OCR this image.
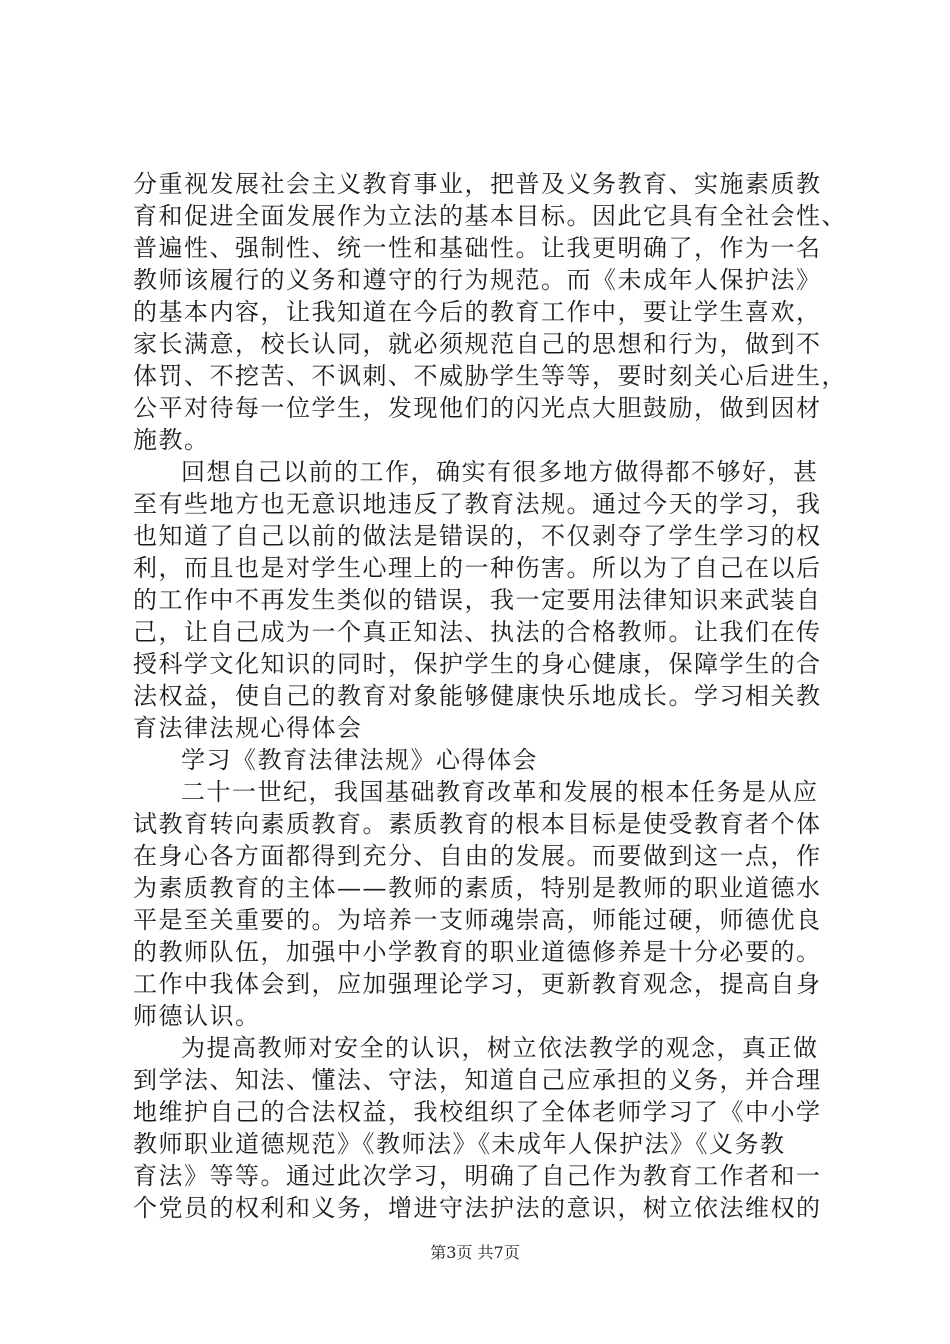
分重视发展社会主义教育事业，把普及义务教育、实施素质教
育和促进全面发展作为立法的基本目标。因此它具有全社会性、
普遍性、强制性、统一性和基础性。让我更明确了，作为一名
教师该履行的义务和遵守的行为规范。而《未成年人保护法》
的基本内容，让我知道在今后的教育工作中，要让学生喜欢，
家长满意，校长认同，就必须规范自己的思想和行为，做到不
体罚、不挖苦、不讽刺、不威胁学生等等，要时刻关心后进生，
公平对待每一位学生，发现他们的闪光点大胆鼓励，做到因材
施教。
回想自己以前的工作，确实有很多地方做得都不够好，甚
至有些地方也无意识地违反了教育法规。通过今天的学习，我
也知道了自己以前的做法是错误的，不仅剥夺了学生学习的权
利，而且也是对学生心理上的一种伤害。所以为了自己在以后
的工作中不再发生类似的错误，我一定要用法律知识来武装自
己，让自己成为一个真正知法、执法的合格教师。让我们在传
授科学文化知识的同时，保护学生的身心健康，保障学生的合
法权益，使自己的教育对象能够健康快乐地成长。学习相关教
育法律法规心得体会
学习《教育法律法规》心得体会
二十一世纪，我国基础教育改革和发展的根本任务是从应
试教育转向素质教育。素质教育的根本目标是使受教育者个体
在身心各方面都得到充分、自由的发展。而要做到这一点，作
为素质教育的主体——教师的素质，特别是教师的职业道德水
平是至关重要的。为培养一支师魂崇高，师能过硬，师德优良
的教师队伍，加强中小学教育的职业道德修养是十分必要的。
工作中我体会到，应加强理论学习，更新教育观念，提高自身
师德认识。
为提高教师对安全的认识，树立依法教学的观念，真正做
到学法、知法、懂法、守法，知道自己应承担的义务，并合理
地维护自己的合法权益，我校组织了全体老师学习了《中小学
教师职业道德规范》《教师法》《未成年人保护法》《义务教
育法》等等。通过此次学习，明确了自己作为教育工作者和一
个党员的权利和义务，增进守法护法的意识，树立依法维权的
第3页 共7页
